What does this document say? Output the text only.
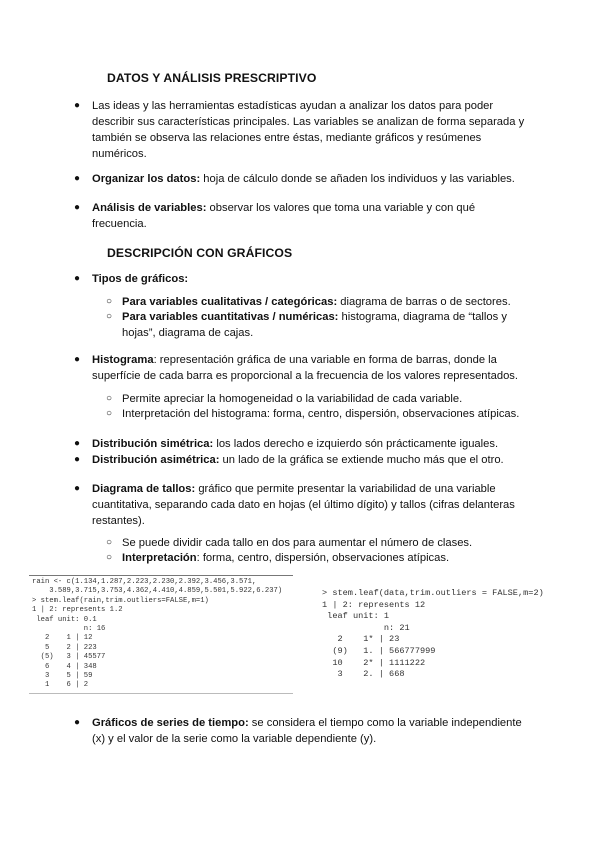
DATOS Y ANÁLISIS PRESCRIPTIVO
● Las ideas y las herramientas estadísticas ayudan a analizar los datos para poder describir sus características principales. Las variables se analizan de forma separada y también se observa las relaciones entre éstas, mediante gráficos y resúmenes numéricos.
● Organizar los datos: hoja de cálculo donde se añaden los individuos y las variables.
● Análisis de variables: observar los valores que toma una variable y con qué frecuencia.
DESCRIPCIÓN CON GRÁFICOS
● Tipos de gráficos:
○ Para variables cualitativas / categóricas: diagrama de barras o de sectores.
○ Para variables cuantitativas / numéricas: histograma, diagrama de “tallos y hojas”, diagrama de cajas.
● Histograma: representación gráfica de una variable en forma de barras, donde la superfície de cada barra es proporcional a la frecuencia de los valores representados.
○ Permite apreciar la homogeneidad o la variabilidad de cada variable.
○ Interpretación del histograma: forma, centro, dispersión, observaciones atípicas.
● Distribución simétrica: los lados derecho e izquierdo són prácticamente iguales.
● Distribución asimétrica: un lado de la gráfica se extiende mucho más que el otro.
● Diagrama de tallos: gráfico que permite presentar la variabilidad de una variable cuantitativa, separando cada dato en hojas (el último dígito) y tallos (cifras delanteras restantes).
○ Se puede dividir cada tallo en dos para aumentar el número de clases.
○ Interpretación: forma, centro, dispersión, observaciones atípicas.
rain <- c(1.134,1.287,2.223,2.230,2.392,3.456,3.571,
3.589,3.715,3.753,4.362,4.410,4.859,5.501,5.922,6.237)
> stem.leaf(rain,trim.outliers=FALSE,m=1)
1 | 2: represents 1.2
leaf unit: 0.1
n: 16
2    1 | 12
5    2 | 223
(5)   3 | 45577
6    4 | 348
3    5 | 59
1    6 | 2
> stem.leaf(data,trim.outliers = FALSE,m=2)
1 | 2: represents 12
leaf unit: 1
n: 21
2    1* | 23
(9)   1. | 566777999
10    2* | 1111222
3    2. | 668
● Gráficos de series de tiempo: se considera el tiempo como la variable independiente (x) y el valor de la serie como la variable dependiente (y).
